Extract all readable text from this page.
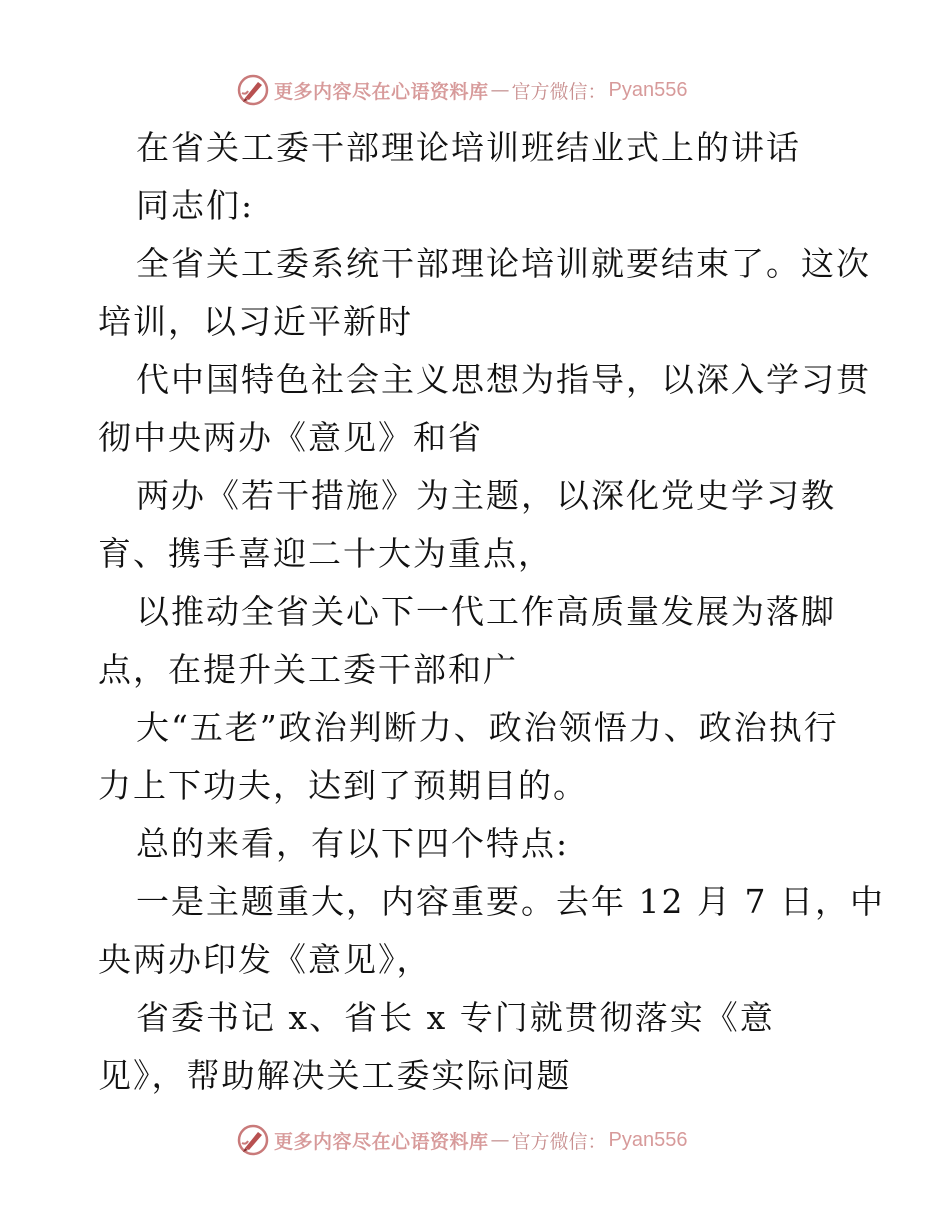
更多内容尽在心语资料库 — 官方微信： Pyan556
在省关工委干部理论培训班结业式上的讲话
同志们:
全省关工委系统干部理论培训就要结束了。这次
培训，以习近平新时
代中国特色社会主义思想为指导，以深入学习贯
彻中央两办《意见》和省
两办《若干措施》为主题，以深化党史学习教
育、携手喜迎二十大为重点，
以推动全省关心下一代工作高质量发展为落脚
点，在提升关工委干部和广
大“五老”政治判断力、政治领悟力、政治执行
力上下功夫，达到了预期目的。
总的来看，有以下四个特点:
一是主题重大，内容重要。去年 12 月 7 日，中
央两办印发《意见》，
省委书记 x、省长 x 专门就贯彻落实《意
见》，帮助解决关工委实际问题
更多内容尽在心语资料库 — 官方微信： Pyan556
